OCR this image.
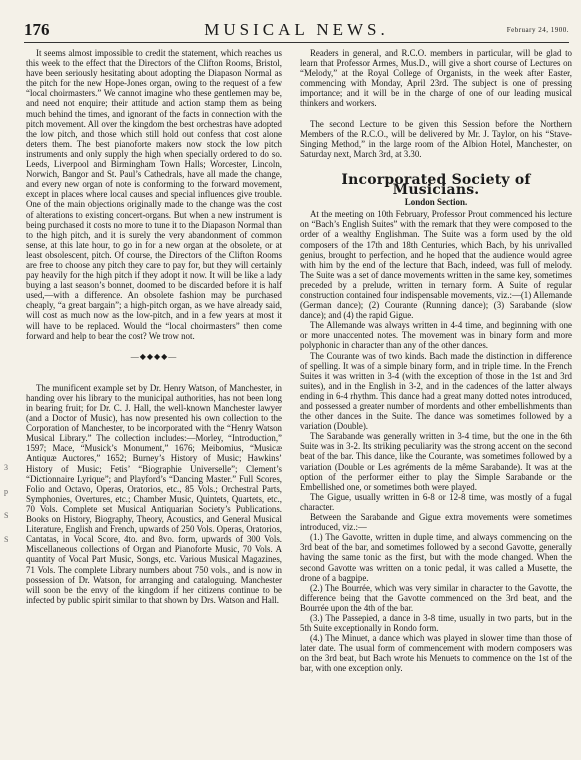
176	MUSICAL NEWS.	February 24, 1900.
3
p
S
S

It seems almost impossible to credit the statement, which reaches us this week to the effect that the Directors of the Clifton Rooms, Bristol, have been seriously hesitating about adopting the Diapason Normal as the pitch for the new Hope-Jones organ, owing to the request of a few “local choirmasters.” We cannot imagine who these gentlemen may be, and need not enquire; their attitude and action stamp them as being much behind the times, and ignorant of the facts in connection with the pitch movement. All over the kingdom the best orchestras have adopted the low pitch, and those which still hold out confess that cost alone deters them. The best pianoforte makers now stock the low pitch instruments and only supply the high when specially ordered to do so. Leeds, Liverpool and Birmingham Town Halls; Worcester, Lincoln, Norwich, Bangor and St. Paul’s Cathedrals, have all made the change, and every new organ of note is conforming to the forward movement, except in places where local causes and special influences give trouble. One of the main objections originally made to the change was the cost of alterations to existing concert-organs. But when a new instrument is being purchased it costs no more to tune it to the Diapason Normal than to the high pitch, and it is surely the very abandonment of common sense, at this late hour, to go in for a new organ at the obsolete, or at least obsolescent, pitch. Of course, the Directors of the Clifton Rooms are free to choose any pitch they care to pay for, but they will certainly pay heavily for the high pitch if they adopt it now. It will be like a lady buying a last season’s bonnet, doomed to be discarded before it is half used,—with a difference. An obsolete fashion may be purchased cheaply, “a great bargain”; a high-pitch organ, as we have already said, will cost as much now as the low-pitch, and in a few years at most it will have to be replaced. Would the “local choirmasters” then come forward and help to bear the cost? We trow not.

—◆◆◆◆—

The munificent example set by Dr. Henry Watson, of Manchester, in handing over his library to the municipal authorities, has not been long in bearing fruit; for Dr. C. J. Hall, the well-known Manchester lawyer (and a Doctor of Music), has now presented his own collection to the Corporation of Manchester, to be incorporated with the “Henry Watson Musical Library.” The collection includes:—Morley, “Introduction,” 1597; Mace, “Musick’s Monument,” 1676; Meibomius, “Musicæ Antiquæ Auctores,” 1652; Burney’s History of Music; Hawkins’ History of Music; Fetis’ “Biographie Universelle”; Clement’s “Dictionnaire Lyrique”; and Playford’s “Dancing Master.” Full Scores, Folio and Octavo, Operas, Oratorios, etc., 85 Vols.; Orchestral Parts, Symphonies, Overtures, etc.; Chamber Music, Quintets, Quartets, etc., 70 Vols. Complete set Musical Antiquarian Society’s Publications. Books on History, Biography, Theory, Acoustics, and General Musical Literature, English and French, upwards of 250 Vols. Operas, Oratorios, Cantatas, in Vocal Score, 4to. and 8vo. form, upwards of 300 Vols. Miscellaneous collections of Organ and Pianoforte Music, 70 Vols. A quantity of Vocal Part Music, Songs, etc. Various Musical Magazines, 71 Vols. The complete Library numbers about 750 vols., and is now in possession of Dr. Watson, for arranging and cataloguing. Manchester will soon be the envy of the kingdom if her citizens continue to be infected by public spirit similar to that shown by Drs. Watson and Hall.

Readers in general, and R.C.O. members in particular, will be glad to learn that Professor Armes, Mus.D., will give a short course of Lectures on “Melody,” at the Royal College of Organists, in the week after Easter, commencing with Monday, April 23rd. The subject is one of pressing importance; and it will be in the charge of one of our leading musical thinkers and workers.

The second Lecture to be given this Session before the Northern Members of the R.C.O., will be delivered by Mr. J. Taylor, on his “Stave-Singing Method,” in the large room of the Albion Hotel, Manchester, on Saturday next, March 3rd, at 3.30.

Incorporated Society of Musicians.
London Section.

At the meeting on 10th February, Professor Prout commenced his lecture on “Bach’s English Suites” with the remark that they were composed to the order of a wealthy Englishman. The Suite was a form used by the old composers of the 17th and 18th Centuries, which Bach, by his unrivalled genius, brought to perfection, and he hoped that the audience would agree with him by the end of the lecture that Bach, indeed, was full of melody. The Suite was a set of dance movements written in the same key, sometimes preceded by a prelude, written in ternary form. A Suite of regular construction contained four indispensable movements, viz.:—(1) Allemande (German dance); (2) Courante (Running dance); (3) Sarabande (slow dance); and (4) the rapid Gigue.

The Allemande was always written in 4-4 time, and beginning with one or more unaccented notes. The movement was in binary form and more polyphonic in character than any of the other dances.

The Courante was of two kinds. Bach made the distinction in difference of spelling. It was of a simple binary form, and in triple time. In the French Suites it was written in 3-4 (with the exception of those in the 1st and 3rd suites), and in the English in 3-2, and in the cadences of the latter always ending in 6-4 rhythm. This dance had a great many dotted notes introduced, and possessed a greater number of mordents and other embellishments than the other dances in the Suite. The dance was sometimes followed by a variation (Double).

The Sarabande was generally written in 3-4 time, but the one in the 6th Suite was in 3-2. Its striking peculiarity was the strong accent on the second beat of the bar. This dance, like the Courante, was sometimes followed by a variation (Double or Les agréments de la même Sarabande). It was at the option of the performer either to play the Simple Sarabande or the Embellished one, or sometimes both were played.

The Gigue, usually written in 6-8 or 12-8 time, was mostly of a fugal character.

Between the Sarabande and Gigue extra movements were sometimes introduced, viz.:—

(1.) The Gavotte, written in duple time, and always commencing on the 3rd beat of the bar, and sometimes followed by a second Gavotte, generally having the same tonic as the first, but with the mode changed. When the second Gavotte was written on a tonic pedal, it was called a Musette, the drone of a bagpipe.

(2.) The Bourrée, which was very similar in character to the Gavotte, the difference being that the Gavotte commenced on the 3rd beat, and the Bourrée upon the 4th of the bar.

(3.) The Passepied, a dance in 3-8 time, usually in two parts, but in the 5th Suite exceptionally in Rondo form.

(4.) The Minuet, a dance which was played in slower time than those of later date. The usual form of commencement with modern composers was on the 3rd beat, but Bach wrote his Menuets to commence on the 1st of the bar, with one exception only.
